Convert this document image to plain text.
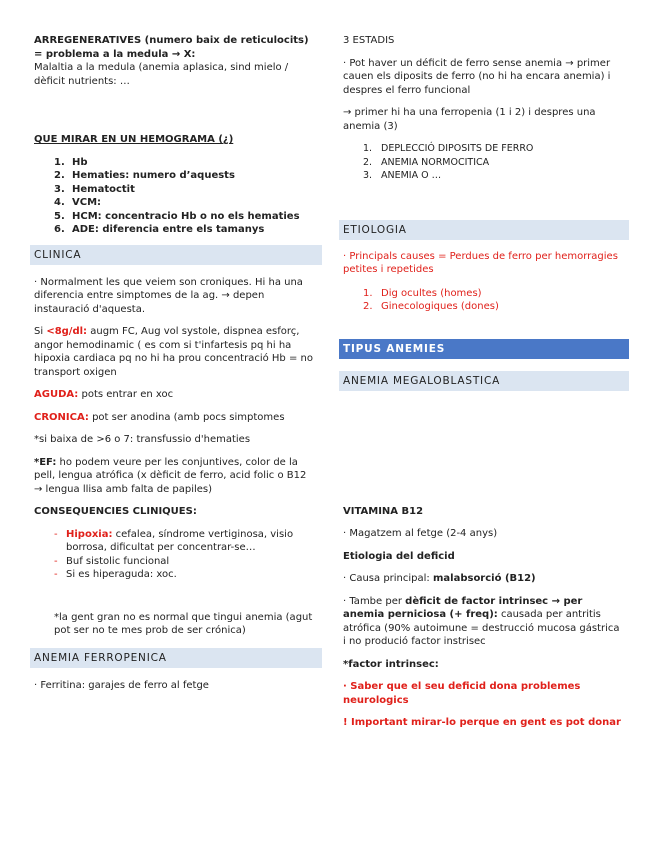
ARREGENERATIVES (numero baix de reticulocits) = problema a la medula → X:
Malaltia a la medula (anemia aplasica, sind mielo / dèficit nutrients: …

QUE MIRAR EN UN HEMOGRAMA (¿)

1. Hb
2. Hematies: numero d’aquests
3. Hematoctit
4. VCM:
5. HCM: concentracio Hb o no els hematies
6. ADE: diferencia entre els tamanys
CLINICA

· Normalment les que veiem son croniques. Hi ha una diferencia entre simptomes de la ag. → depen instauració d'aquesta.

Si <8g/dl: augm FC, Aug vol systole, dispnea esforç, angor hemodinamic ( es com si t'infartesis pq hi ha hipoxia cardiaca pq no hi ha prou concentració Hb = no transport oxigen

AGUDA: pots entrar en xoc

CRONICA: pot ser anodina (amb pocs simptomes

*si baixa de >6 o 7: transfussio d'hematies

*EF: ho podem veure per les conjuntives, color de la pell, lengua atrófica (x dèficit de ferro, acid folic o B12 → lengua llisa amb falta de papiles)

CONSEQUENCIES CLINIQUES:

- Hipoxia: cefalea, síndrome vertiginosa, visio borrosa, dificultat per concentrar-se…
- Buf sistolic funcional
- Si es hiperaguda: xoc.

*la gent gran no es normal que tingui anemia (agut pot ser no te mes prob de ser crónica)

ANEMIA FERROPENICA

· Ferritina: garajes de ferro al fetge

3 ESTADIS

· Pot haver un déficit de ferro sense anemia → primer cauen els diposits de ferro (no hi ha encara anemia) i despres el ferro funcional

→ primer hi ha una ferropenia (1 i 2) i despres una anemia (3)

1. DEPLECCIÓ DIPOSITS DE FERRO
2. ANEMIA NORMOCITICA
3. ANEMIA O …
ETIOLOGIA

· Principals causes = Perdues de ferro per hemorragies petites i repetides

1. Dig ocultes (homes)
2. Ginecologiques (dones)
TIPUS ANEMIES
ANEMIA MEGALOBLASTICA

VITAMINA B12

· Magatzem al fetge (2-4 anys)

Etiologia del deficid

· Causa principal: malabsorció (B12)

· Tambe per dèficit de factor intrinsec → per anemia perniciosa (+ freq): causada per antritis atrófica (90% autoimune = destrucció mucosa gástrica i no produció factor instrisec

*factor intrinsec:

· Saber que el seu deficid dona problemes neurologics

! Important mirar-lo perque en gent es pot donar
